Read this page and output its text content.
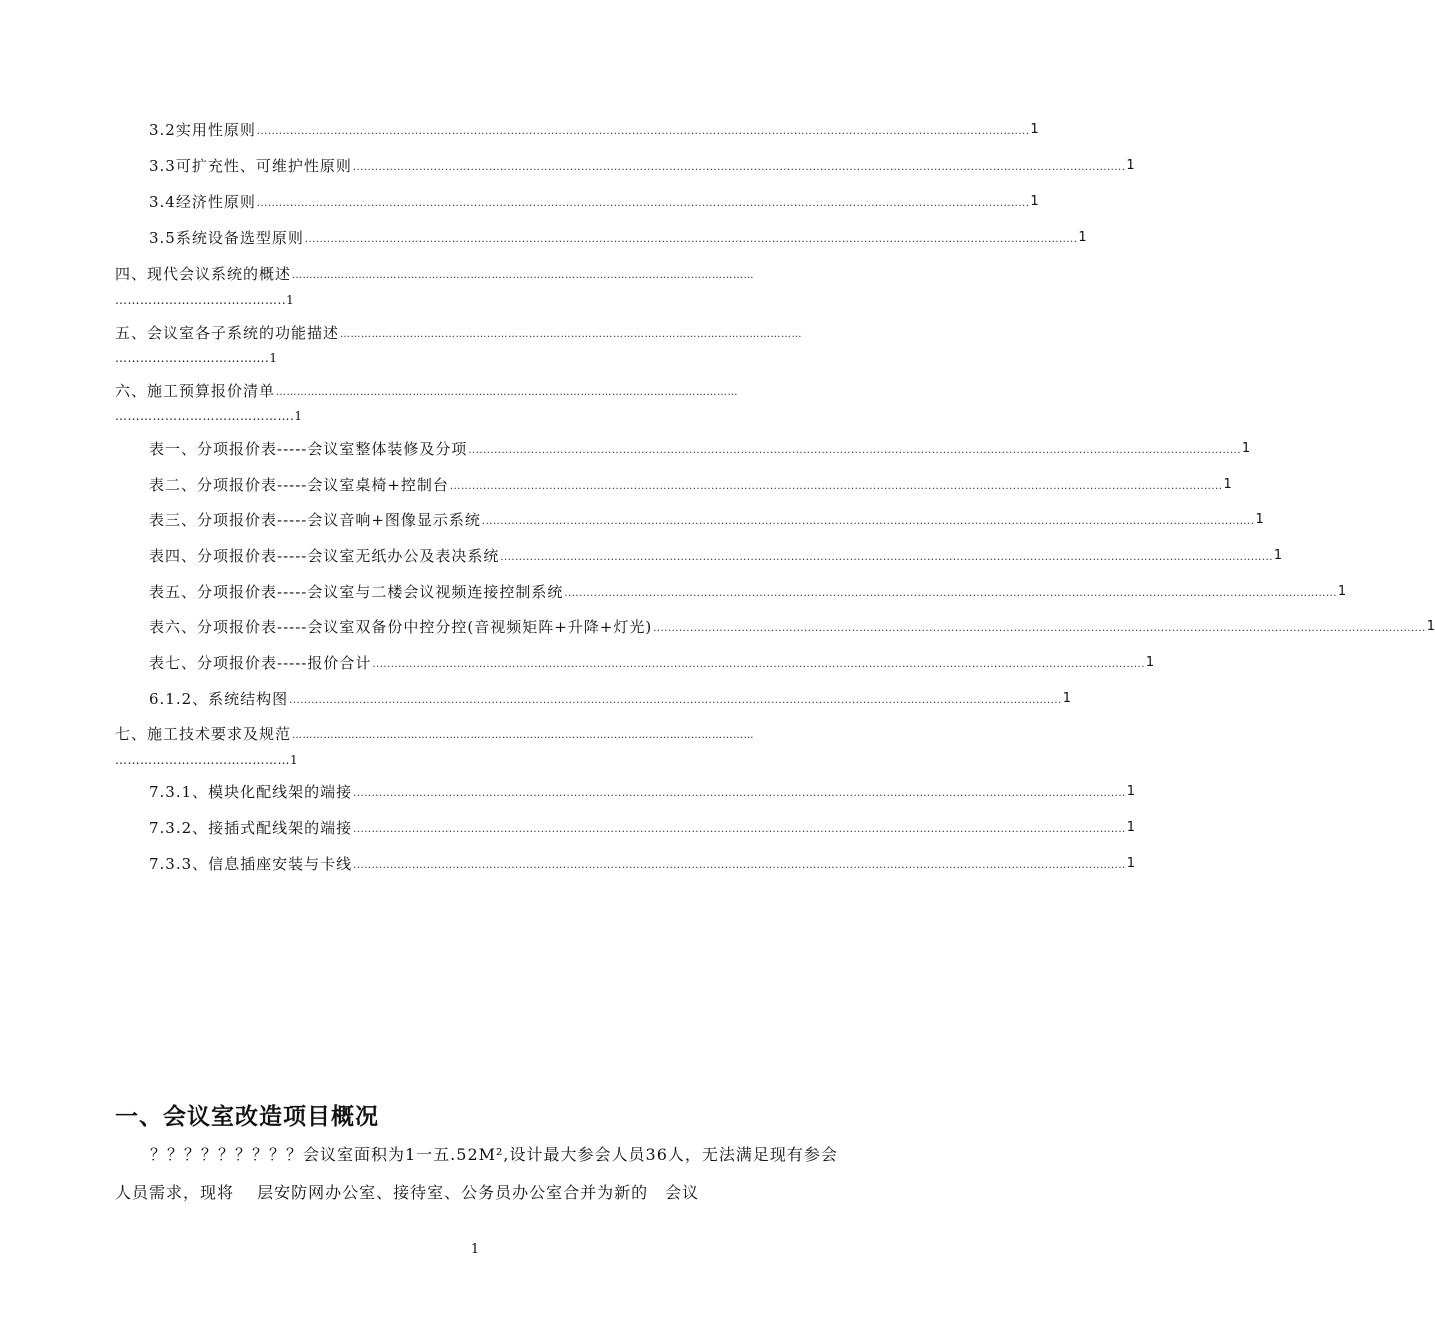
3.2实用性原则 .................................................................................................................................................................................................................. 1
3.3可扩充性、可维护性原则 .................................................................................................................................................................................................................. 1
3.4经济性原则 .................................................................................................................................................................................................................. 1
3.5系统设备选型原则 .................................................................................................................................................................................................................. 1
四、现代会议系统的概述 ……………………………………………………………………………………………………………………
…………………………………..1
五、会议室各子系统的功能描述 ……………………………………………………………………………………………………………………
……………………………….1
六、施工预算报价清单 ……………………………………………………………………………………………………………………
…………………………………….1
表一、分项报价表-----会议室整体装修及分项 .................................................................................................................................................................................................................. 1
表二、分项报价表-----会议室桌椅+控制台 .................................................................................................................................................................................................................. 1
表三、分项报价表-----会议音响+图像显示系统 .................................................................................................................................................................................................................. 1
表四、分项报价表-----会议室无纸办公及表决系统 .................................................................................................................................................................................................................. 1
表五、分项报价表-----会议室与二楼会议视频连接控制系统 .................................................................................................................................................................................................................. 1
表六、分项报价表-----会议室双备份中控分控(音视频矩阵+升降+灯光) .................................................................................................................................................................................................................. 1
表七、分项报价表-----报价合计 .................................................................................................................................................................................................................. 1
6.1.2、系统结构图 .................................................................................................................................................................................................................. 1
七、施工技术要求及规范 ……………………………………………………………………………………………………………………
……………………………………1
7.3.1、模块化配线架的端接 .................................................................................................................................................................................................................. 1
7.3.2、接插式配线架的端接 .................................................................................................................................................................................................................. 1
7.3.3、信息插座安装与卡线 .................................................................................................................................................................................................................. 1
一、会议室改造项目概况
？？？？？？？？？会议室面积为1一五.52M²,设计最大参会人员36人，无法满足现有参会人员需求，现将　 层安防网办公室、接待室、公务员办公室合并为新的　会议
1
